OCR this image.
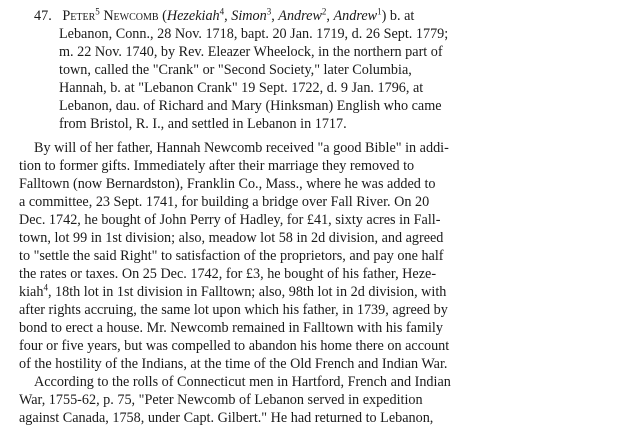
47. Peter$^5$ Newcomb (Hezekiah$^4$, Simon$^3$, Andrew$^2$, Andrew$^1$) b. at
Lebanon, Conn., 28 Nov. 1718, bapt. 20 Jan. 1719, d. 26 Sept. 1779;
m. 22 Nov. 1740, by Rev. Eleazer Wheelock, in the northern part of
town, called the "Crank" or "Second Society," later Columbia,
Hannah, b. at "Lebanon Crank" 19 Sept. 1722, d. 9 Jan. 1796, at
Lebanon, dau. of Richard and Mary (Hinksman) English who came
from Bristol, R. I., and settled in Lebanon in 1717.
By will of her father, Hannah Newcomb received "a good Bible" in addi-
tion to former gifts. Immediately after their marriage they removed to
Falltown (now Bernardston), Franklin Co., Mass., where he was added to
a committee, 23 Sept. 1741, for building a bridge over Fall River. On 20
Dec. 1742, he bought of John Perry of Hadley, for £41, sixty acres in Fall-
town, lot 99 in 1st division; also, meadow lot 58 in 2d division, and agreed
to "settle the said Right" to satisfaction of the proprietors, and pay one half
the rates or taxes. On 25 Dec. 1742, for £3, he bought of his father, Heze-
kiah$^4$, 18th lot in 1st division in Falltown; also, 98th lot in 2d division, with
after rights accruing, the same lot upon which his father, in 1739, agreed by
bond to erect a house. Mr. Newcomb remained in Falltown with his family
four or five years, but was compelled to abandon his home there on account
of the hostility of the Indians, at the time of the Old French and Indian War.
According to the rolls of Connecticut men in Hartford, French and Indian
War, 1755-62, p. 75, "Peter Newcomb of Lebanon served in expedition
against Canada, 1758, under Capt. Gilbert." He had returned to Lebanon,
